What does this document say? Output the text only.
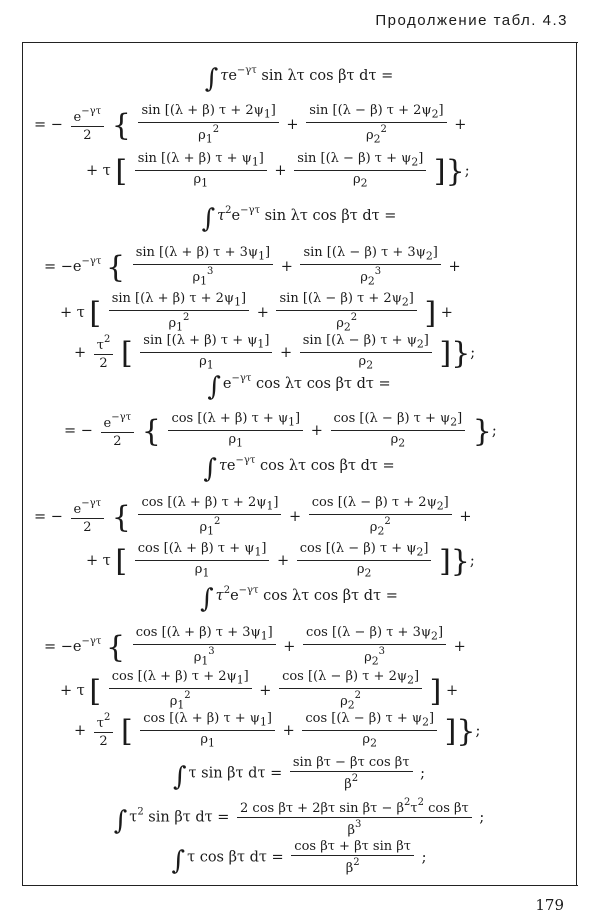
Продолжение табл. 4.3
∫ $\tau e^{-\gamma\tau}$ sin λτ cos βτ dτ =
= − $\frac{e^{-\gamma\tau}}{2}$ { $\frac{\sin [(\lambda + \beta) \tau + 2\psi_1]}{\rho_1^2} + \frac{\sin [(\lambda - \beta) \tau + 2\psi_2]}{\rho_2^2}$ +
+ τ [ $\frac{\sin [(\lambda + \beta) \tau + \psi_1]}{\rho_1} + \frac{\sin [(\lambda - \beta) \tau + \psi_2]}{\rho_2}$ ]};
∫ $\tau^2e^{-\gamma\tau}$ sin λτ cos βτ dτ =
= $-e^{-\gamma\tau}$ { $\frac{\sin [(\lambda + \beta) \tau + 3\psi_1]}{\rho_1^3} + \frac{\sin [(\lambda - \beta) \tau + 3\psi_2]}{\rho_2^3}$ +
+ τ [ $\frac{\sin [(\lambda + \beta) \tau + 2\psi_1]}{\rho_1^2} + \frac{\sin [(\lambda - \beta) \tau + 2\psi_2]}{\rho_2^2}$ ] +
+ $\frac{\tau^2}{2}$ [ $\frac{\sin [(\lambda + \beta) \tau + \psi_1]}{\rho_1} + \frac{\sin [(\lambda - \beta) \tau + \psi_2]}{\rho_2}$ ]};
∫ $e^{-\gamma\tau}$ cos λτ cos βτ dτ =
= − $\frac{e^{-\gamma\tau}}{2}$ { $\frac{\cos [(\lambda + \beta) \tau + \psi_1]}{\rho_1} + \frac{\cos [(\lambda - \beta) \tau + \psi_2]}{\rho_2}$ };
∫ $\tau e^{-\gamma\tau}$ cos λτ cos βτ dτ =
= − $\frac{e^{-\gamma\tau}}{2}$ { $\frac{\cos [(\lambda + \beta) \tau + 2\psi_1]}{\rho_1^2} + \frac{\cos [(\lambda - \beta) \tau + 2\psi_2]}{\rho_2^2}$ +
+ τ [ $\frac{\cos [(\lambda + \beta) \tau + \psi_1]}{\rho_1} + \frac{\cos [(\lambda - \beta) \tau + \psi_2]}{\rho_2}$ ]};
∫ $\tau^2e^{-\gamma\tau}$ cos λτ cos βτ dτ =
= $-e^{-\gamma\tau}$ { $\frac{\cos [(\lambda + \beta) \tau + 3\psi_1]}{\rho_1^3} + \frac{\cos [(\lambda - \beta) \tau + 3\psi_2]}{\rho_2^3}$ +
+ τ [ $\frac{\cos [(\lambda + \beta) \tau + 2\psi_1]}{\rho_1^2} + \frac{\cos [(\lambda - \beta) \tau + 2\psi_2]}{\rho_2^2}$ ] +
+ $\frac{\tau^2}{2}$ [ $\frac{\cos [(\lambda + \beta) \tau + \psi_1]}{\rho_1} + \frac{\cos [(\lambda - \beta) \tau + \psi_2]}{\rho_2}$ ]};
∫ τ sin βτ $d\tau = \frac{\text{sin βτ − βτ cos βτ}}{\beta^2}$ ;
∫ $\tau^2$ sin βτ $d\tau = \frac{2 \cos \beta\tau + 2\beta\tau \sin \beta\tau - \beta^2\tau^2 \cos \beta\tau}{\beta^3}$ ;
∫ τ cos βτ $d\tau = \frac{\text{cos βτ + βτ sin βτ}}{\beta^2}$ ;
179
